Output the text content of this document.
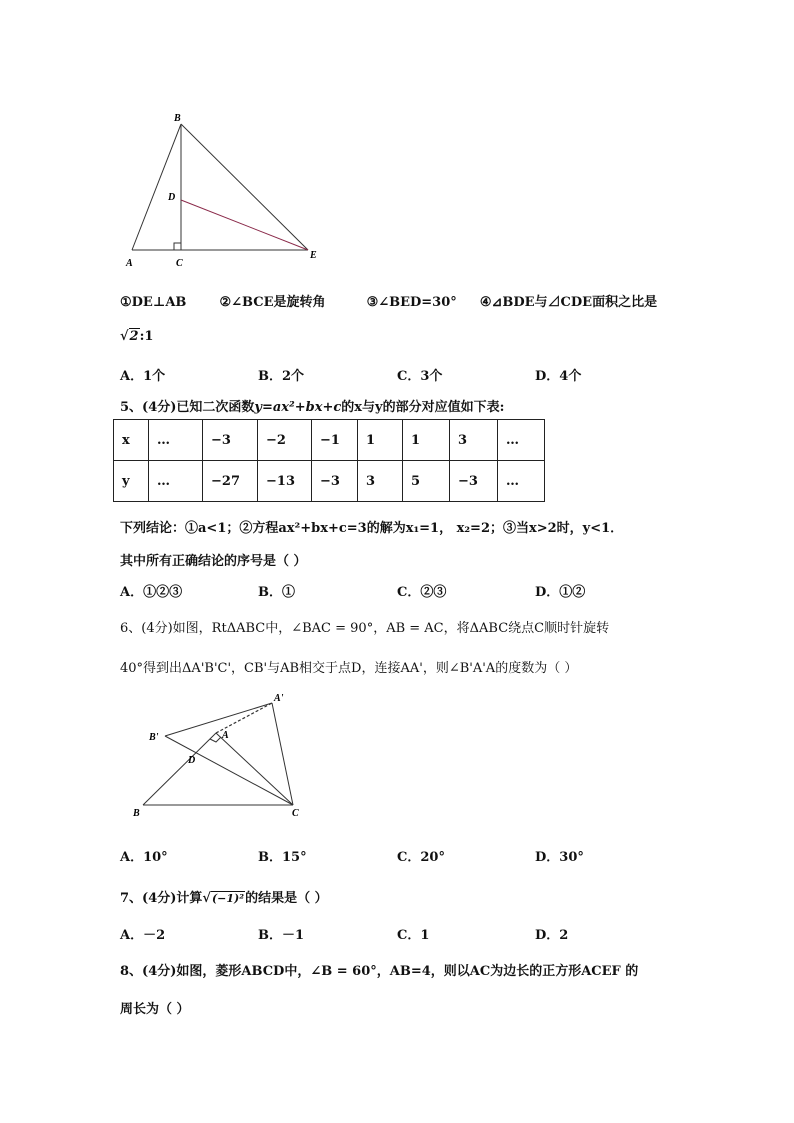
B
D
A	C
E
①DE⊥AB	②∠BCE是旋转角	③∠BED=30° ④⊿BDE与⊿CDE面积之比是
√2:1
A．1个	B．2个	C．3个	D．4个
5、(4分)已知二次函数y=ax²+bx+c的x与y的部分对应值如下表:
x	…	−3	−2	−1	1	1	3	…
y	…	−27	−13	−3	3	5	−3	…
下列结论：①a<1；②方程ax²+bx+c=3的解为x₁=1， x₂=2；③当x>2时，y<1．
其中所有正确结论的序号是（ ）
A．①②③	B．①	C．②③	D．①②
6、(4分)如图，RtΔABC中，∠BAC = 90°，AB = AC，将ΔABC绕点C顺时针旋转
40°得到出ΔA'B'C'，CB'与AB相交于点D，连接AA'，则∠B'A'A的度数为（ ）
A'
B'	A
D
B	C
A．10°	B．15°	C．20°	D．30°
7、(4分)计算√(−1)²的结果是（ ）
A．－2	B．－1	C．1	D．2
8、(4分)如图，菱形ABCD中，∠B = 60°，AB=4，则以AC为边长的正方形ACEF 的
周长为（ ）
